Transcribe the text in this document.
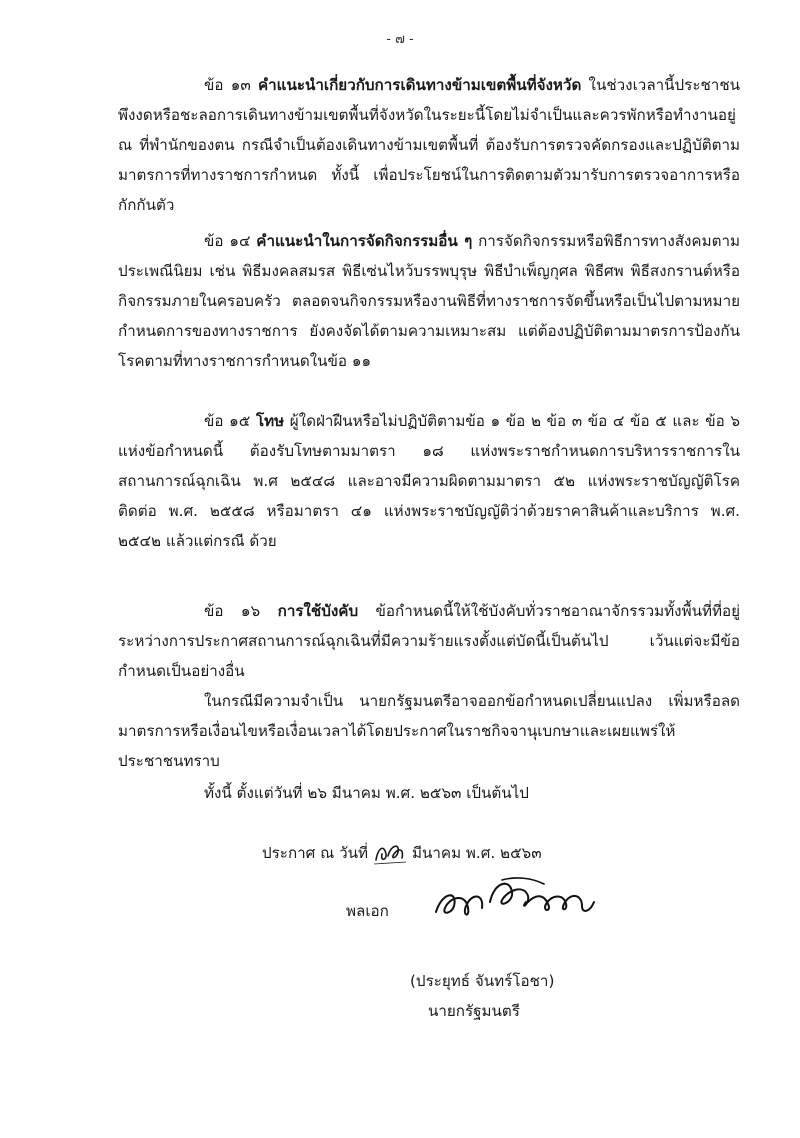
- ๗ -
ข้อ ๑๓ คำแนะนำเกี่ยวกับการเดินทางข้ามเขตพื้นที่จังหวัด ในช่วงเวลานี้ประชาชนพึงงดหรือชะลอการเดินทางข้ามเขตพื้นที่จังหวัดในระยะนี้โดยไม่จำเป็นและควรพักหรือทำงานอยู่ ณ ที่พำนักของตน กรณีจำเป็นต้องเดินทางข้ามเขตพื้นที่ ต้องรับการตรวจคัดกรองและปฏิบัติตามมาตรการที่ทางราชการกำหนด ทั้งนี้ เพื่อประโยชน์ในการติดตามตัวมารับการตรวจอาการหรือกักกันตัว
ข้อ ๑๔ คำแนะนำในการจัดกิจกรรมอื่น ๆ การจัดกิจกรรมหรือพิธีการทางสังคมตามประเพณีนิยม เช่น พิธีมงคลสมรส พิธีเซ่นไหว้บรรพบุรุษ พิธีบำเพ็ญกุศล พิธีศพ พิธีสงกรานต์หรือกิจกรรมภายในครอบครัว ตลอดจนกิจกรรมหรืองานพิธีที่ทางราชการจัดขึ้นหรือเป็นไปตามหมายกำหนดการของทางราชการ ยังคงจัดได้ตามความเหมาะสม แต่ต้องปฏิบัติตามมาตรการป้องกันโรคตามที่ทางราชการกำหนดในข้อ ๑๑
ข้อ ๑๕ โทษ ผู้ใดฝ่าฝืนหรือไม่ปฏิบัติตามข้อ ๑ ข้อ ๒ ข้อ ๓ ข้อ ๔ ข้อ ๕ และ ข้อ ๖ แห่งข้อกำหนดนี้ ต้องรับโทษตามมาตรา ๑๘ แห่งพระราชกำหนดการบริหารราชการในสถานการณ์ฉุกเฉิน พ.ศ ๒๕๔๘ และอาจมีความผิดตามมาตรา ๕๒ แห่งพระราชบัญญัติโรคติดต่อ พ.ศ. ๒๕๕๘ หรือมาตรา ๔๑ แห่งพระราชบัญญัติว่าด้วยราคาสินค้าและบริการ พ.ศ. ๒๕๔๒ แล้วแต่กรณี ด้วย
ข้อ ๑๖ การใช้บังคับ ข้อกำหนดนี้ให้ใช้บังคับทั่วราชอาณาจักรรวมทั้งพื้นที่ที่อยู่ระหว่างการประกาศสถานการณ์ฉุกเฉินที่มีความร้ายแรงตั้งแต่บัดนี้เป็นต้นไป เว้นแต่จะมีข้อกำหนดเป็นอย่างอื่น
ในกรณีมีความจำเป็น นายกรัฐมนตรีอาจออกข้อกำหนดเปลี่ยนแปลง เพิ่มหรือลดมาตรการหรือเงื่อนไขหรือเงื่อนเวลาได้โดยประกาศในราชกิจจานุเบกษาและเผยแพร่ให้ประชาชนทราบ
ทั้งนี้ ตั้งแต่วันที่ ๒๖ มีนาคม พ.ศ. ๒๕๖๓ เป็นต้นไป
ประกาศ ณ วันที่	มีนาคม พ.ศ. ๒๕๖๓
พลเอก
(ประยุทธ์ จันทร์โอชา)
นายกรัฐมนตรี
